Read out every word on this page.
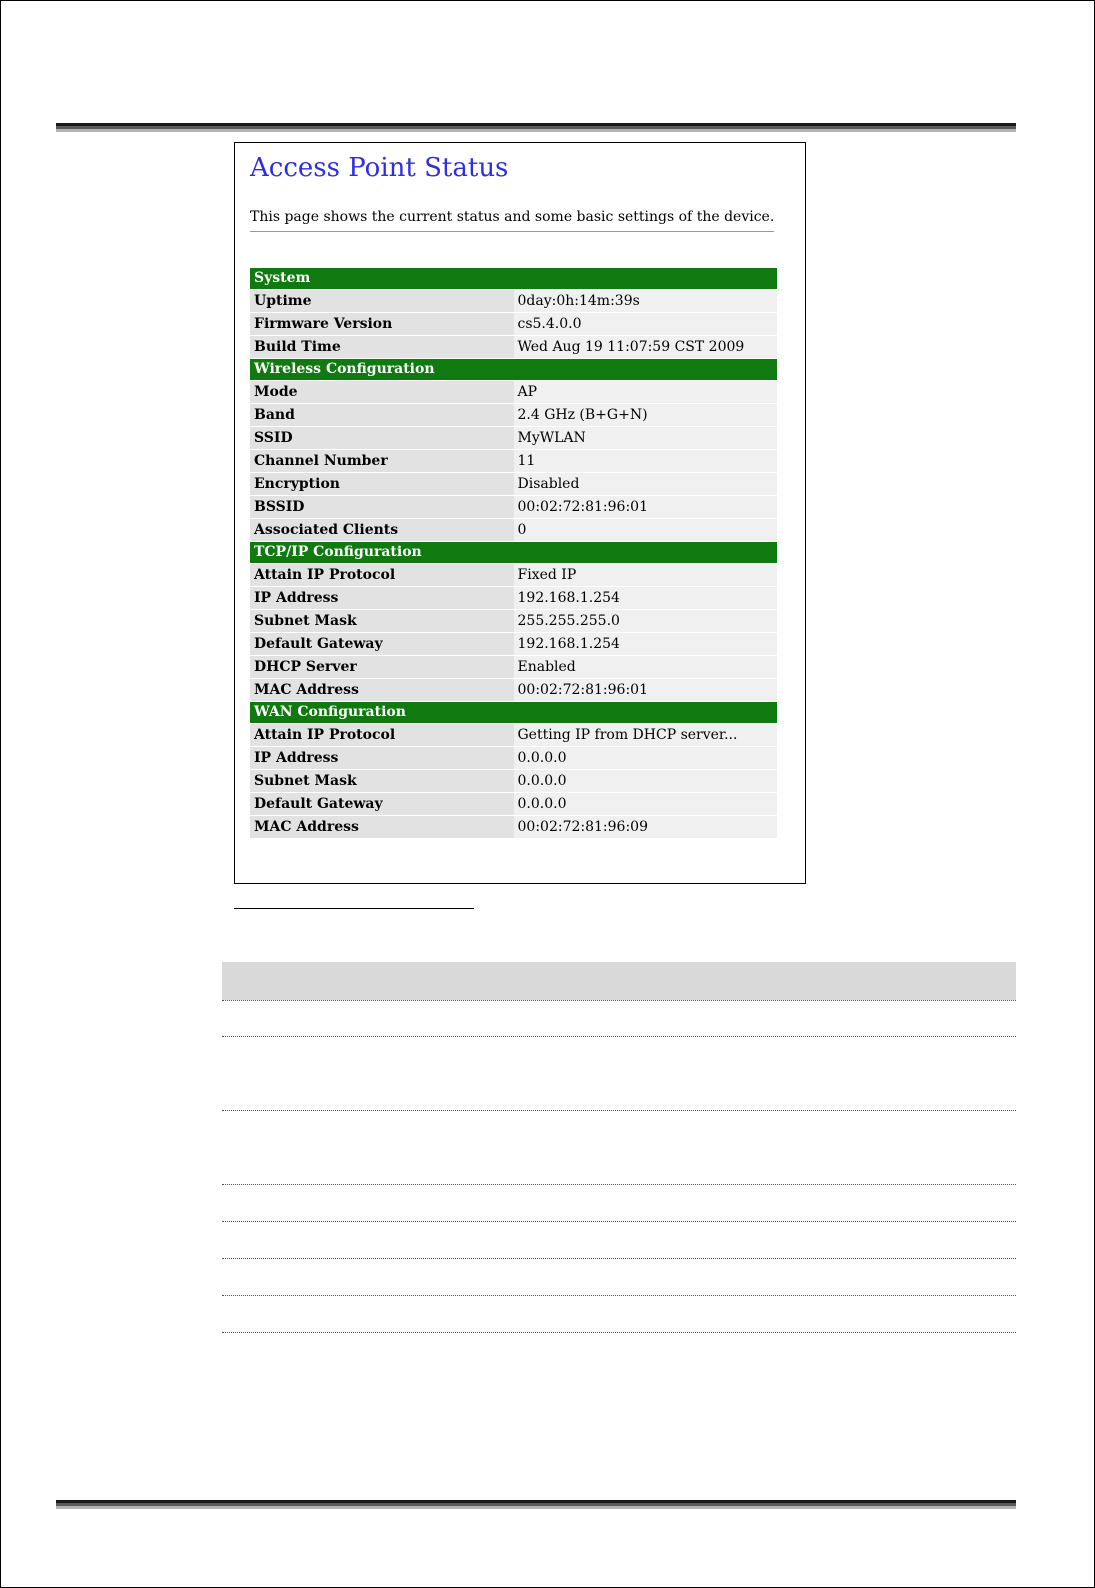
Access Point Status
This page shows the current status and some basic settings of the device.
System	
Uptime	0day:0h:14m:39s
Firmware Version	cs5.4.0.0
Build Time	Wed Aug 19 11:07:59 CST 2009
Wireless Configuration	
Mode	AP
Band	2.4 GHz (B+G+N)
SSID	MyWLAN
Channel Number	11
Encryption	Disabled
BSSID	00:02:72:81:96:01
Associated Clients	0
TCP/IP Configuration	
Attain IP Protocol	Fixed IP
IP Address	192.168.1.254
Subnet Mask	255.255.255.0
Default Gateway	192.168.1.254
DHCP Server	Enabled
MAC Address	00:02:72:81:96:01
WAN Configuration	
Attain IP Protocol	Getting IP from DHCP server...
IP Address	0.0.0.0
Subnet Mask	0.0.0.0
Default Gateway	0.0.0.0
MAC Address	00:02:72:81:96:09
